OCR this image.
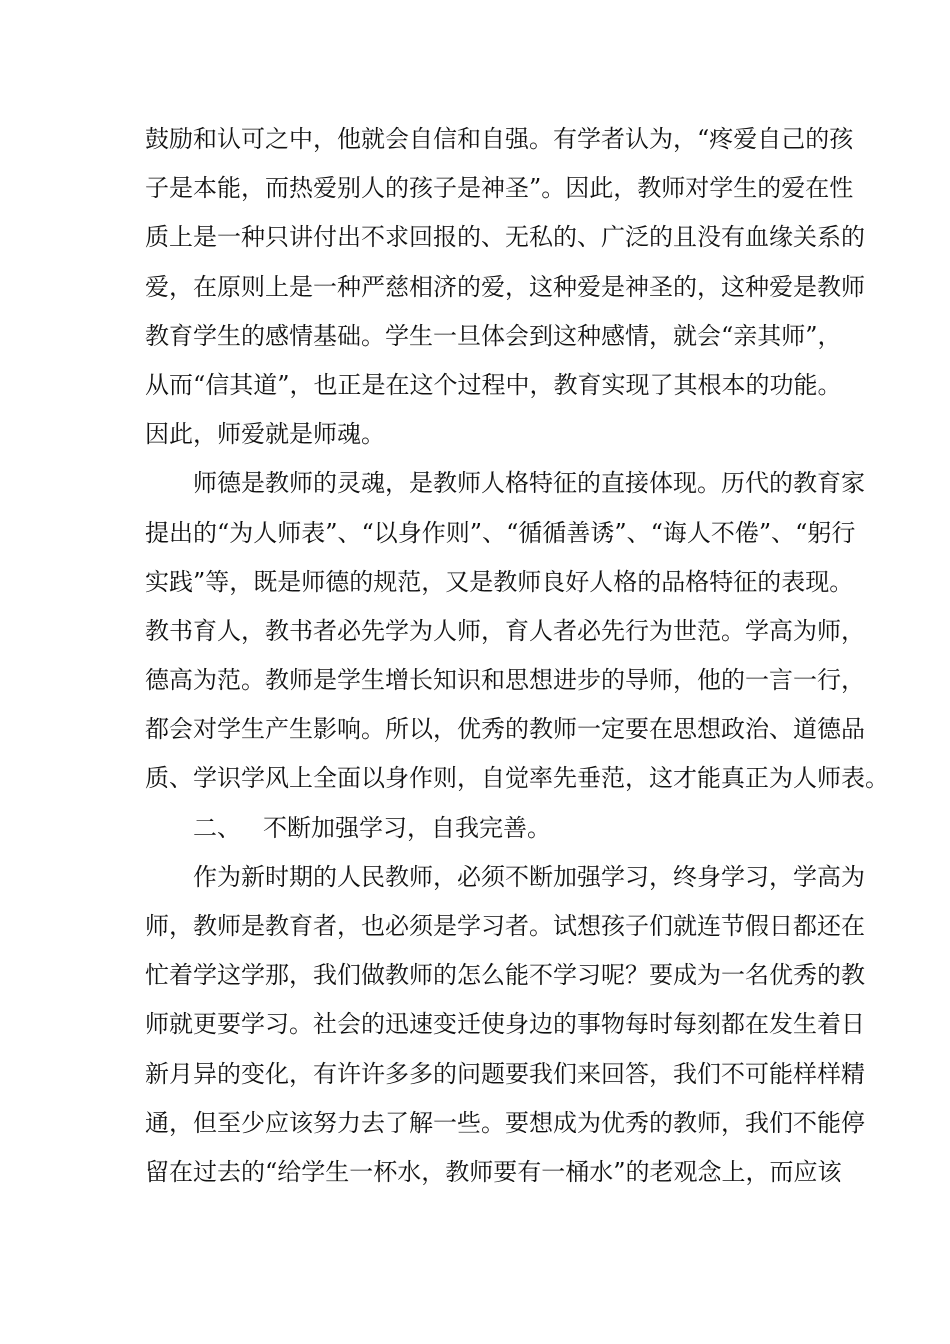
鼓励和认可之中，他就会自信和自强。有学者认为，“疼爱自己的孩
子是本能，而热爱别人的孩子是神圣”。因此，教师对学生的爱在性
质上是一种只讲付出不求回报的、无私的、广泛的且没有血缘关系的
爱，在原则上是一种严慈相济的爱，这种爱是神圣的，这种爱是教师
教育学生的感情基础。学生一旦体会到这种感情，就会“亲其师”，
从而“信其道”，也正是在这个过程中，教育实现了其根本的功能。
因此，师爱就是师魂。
师德是教师的灵魂，是教师人格特征的直接体现。历代的教育家
提出的“为人师表”、“以身作则”、“循循善诱”、“诲人不倦”、“躬行
实践”等，既是师德的规范，又是教师良好人格的品格特征的表现。
教书育人，教书者必先学为人师，育人者必先行为世范。学高为师，
德高为范。教师是学生增长知识和思想进步的导师，他的一言一行，
都会对学生产生影响。所以，优秀的教师一定要在思想政治、道德品
质、学识学风上全面以身作则，自觉率先垂范，这才能真正为人师表。
二、 不断加强学习，自我完善。
作为新时期的人民教师，必须不断加强学习，终身学习，学高为
师，教师是教育者，也必须是学习者。试想孩子们就连节假日都还在
忙着学这学那，我们做教师的怎么能不学习呢？要成为一名优秀的教
师就更要学习。社会的迅速变迁使身边的事物每时每刻都在发生着日
新月异的变化，有许许多多的问题要我们来回答，我们不可能样样精
通，但至少应该努力去了解一些。要想成为优秀的教师，我们不能停
留在过去的“给学生一杯水，教师要有一桶水”的老观念上，而应该
